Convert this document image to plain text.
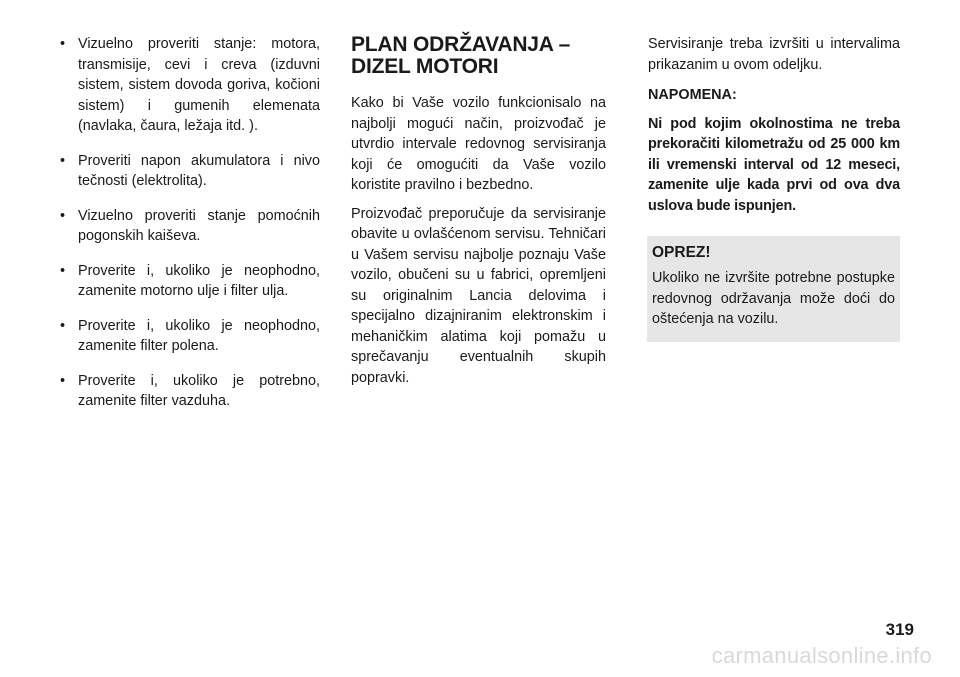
• Vizuelno proveriti stanje: motora, transmisije, cevi i creva (izduvni sistem, sistem dovoda goriva, kočioni sistem) i gumenih elemenata (navlaka, čaura, ležaja itd. ).
• Proveriti napon akumulatora i nivo tečnosti (elektrolita).
• Vizuelno proveriti stanje pomoćnih pogonskih kaiševa.
• Proverite i, ukoliko je neophodno, zamenite motorno ulje i filter ulja.
• Proverite i, ukoliko je neophodno, zamenite filter polena.
• Proverite i, ukoliko je potrebno, zamenite filter vazduha.
PLAN ODRŽAVANJA –
DIZEL MOTORI

Kako bi Vaše vozilo funkcionisalo na najbolji mogući način, proizvođač je utvrdio intervale redovnog servisiranja koji će omogućiti da Vaše vozilo koristite pravilno i bezbedno.

Proizvođač preporučuje da servisiranje obavite u ovlašćenom servisu. Tehničari u Vašem servisu najbolje poznaju Vaše vozilo, obučeni su u fabrici, opremljeni su originalnim Lancia delovima i specijalno dizajniranim elektronskim i mehaničkim alatima koji pomažu u sprečavanju eventualnih skupih popravki.

Servisiranje treba izvršiti u intervalima prikazanim u ovom odeljku.

NAPOMENA:

Ni pod kojim okolnostima ne treba prekoračiti kilometražu od 25 000 km ili vremenski interval od 12 meseci, zamenite ulje kada prvi od ova dva uslova bude ispunjen.

OPREZ!

Ukoliko ne izvršite potrebne postupke redovnog održavanja može doći do oštećenja na vozilu.

319
carmanualsonline.info
